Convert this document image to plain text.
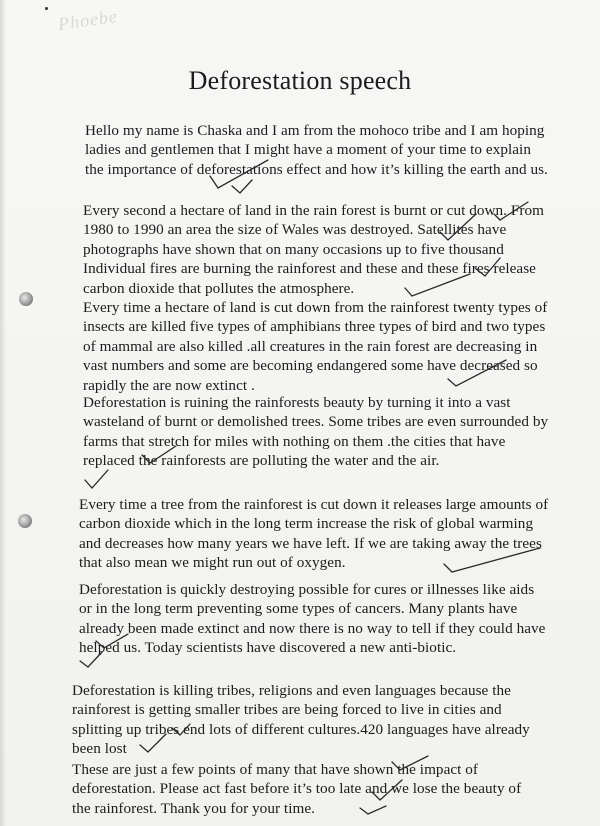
Phoebe
Deforestation speech

Hello my name is Chaska and I am from the mohoco tribe and I am hoping ladies and gentlemen that I might have a moment of your time to explain the importance of deforestations effect and how it’s killing the earth and us.

Every second a hectare of land in the rain forest is burnt or cut down. From 1980 to 1990 an area the size of Wales was destroyed. Satellites have photographs have shown that on many occasions up to five thousand Individual fires are burning the rainforest and these and these fires release carbon dioxide that pollutes the atmosphere.

Every time a hectare of land is cut down from the rainforest twenty types of insects are killed five types of amphibians three types of bird and two types of mammal are also killed .all creatures in the rain forest are decreasing in vast numbers and some are becoming endangered some have decreased so rapidly the are now extinct .

Deforestation is ruining the rainforests beauty by turning it into a vast wasteland of burnt or demolished trees. Some tribes are even surrounded by farms that stretch for miles with nothing on them .the cities that have replaced the rainforests are polluting the water and the air.

Every time a tree from the rainforest is cut down it releases large amounts of carbon dioxide which in the long term increase the risk of global warming and decreases how many years we have left. If we are taking away the trees that also mean we might run out of oxygen.

Deforestation is quickly destroying possible for cures or illnesses like aids or in the long term preventing some types of cancers. Many plants have already been made extinct and now there is no way to tell if they could have helped us. Today scientists have discovered a new anti-biotic.

Deforestation is killing tribes, religions and even languages because the rainforest is getting smaller tribes are being forced to live in cities and splitting up tribes end lots of different cultures.420 languages have already been lost

These are just a few points of many that have shown the impact of deforestation. Please act fast before it’s too late and we lose the beauty of the rainforest. Thank you for your time.
